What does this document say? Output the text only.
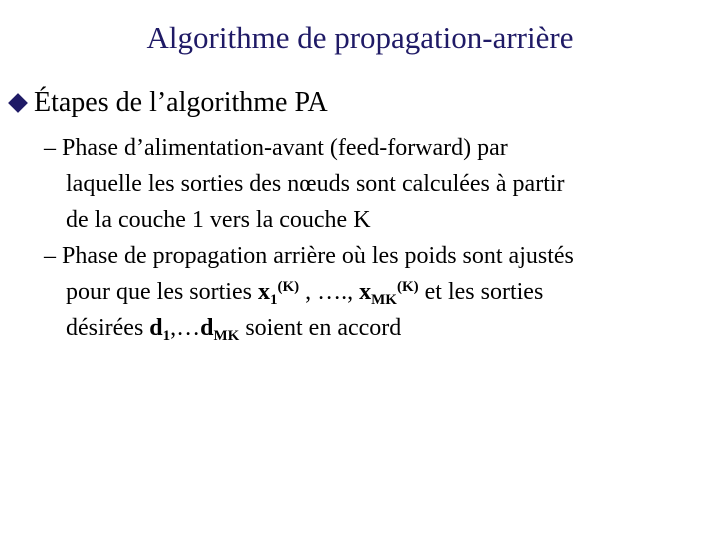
Algorithme de propagation-arrière
Étapes de l’algorithme PA
– Phase d’alimentation-avant (feed-forward) par
laquelle les sorties des nœuds sont calculées à partir
de la couche 1 vers la couche K
– Phase de propagation arrière où les poids sont ajustés
pour que les sorties $x_1^{(K)}$ , …., $x_{MK}^{(K)}$ et les sorties
désirées $d_1,\dots d_{MK}$ soient en accord
